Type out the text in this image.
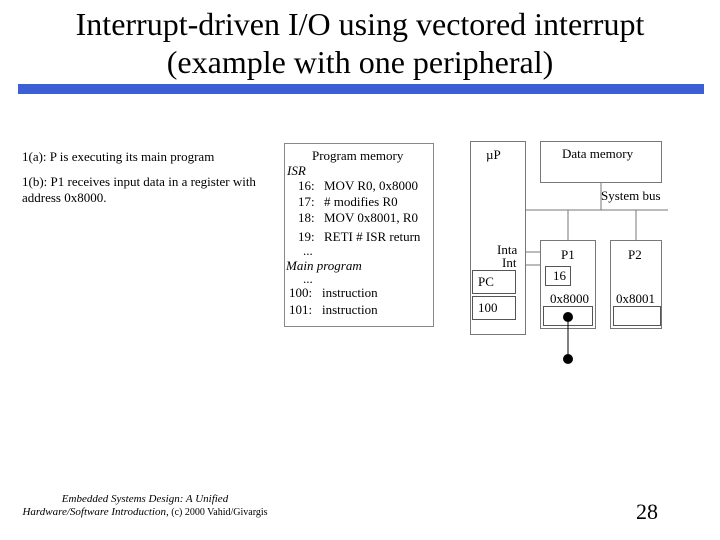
Interrupt-driven I/O using vectored interrupt
(example with one peripheral)
1(a): P is executing its main program
1(b): P1 receives input data in a register with address 0x8000.
Program memory
ISR
16: MOV R0, 0x8000
17: # modifies R0
18: MOV 0x8001, R0
19: RETI # ISR return
...
Main program
...
100: instruction
101: instruction
µP
Inta
Int
PC
100
Data memory
System bus
P1
16
0x8000
P2
0x8001
Embedded Systems Design: A Unified
Hardware/Software Introduction, (c) 2000 Vahid/Givargis	28
